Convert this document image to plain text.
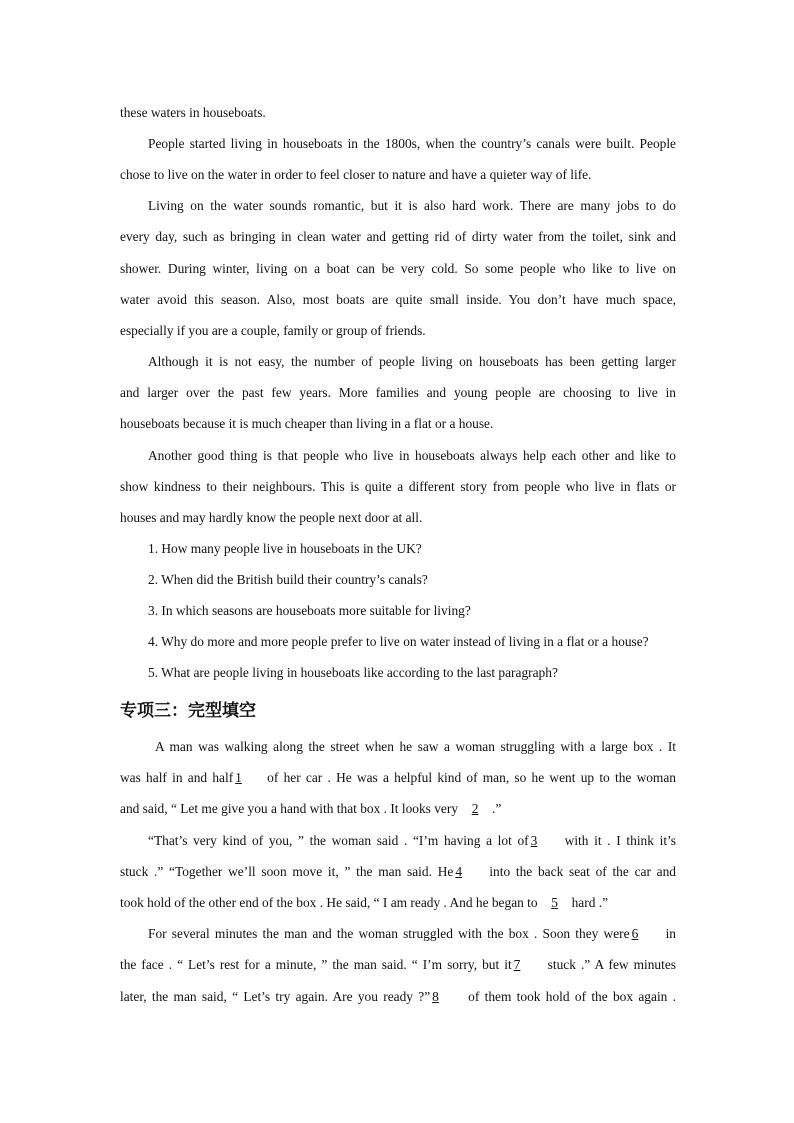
these waters in houseboats.
People started living in houseboats in the 1800s, when the country’s canals were built. People
chose to live on the water in order to feel closer to nature and have a quieter way of life.
Living on the water sounds romantic, but it is also hard work. There are many jobs to do
every day, such as bringing in clean water and getting rid of dirty water from the toilet, sink and
shower. During winter, living on a boat can be very cold. So some people who like to live on
water avoid this season. Also, most boats are quite small inside. You don’t have much space,
especially if you are a couple, family or group of friends.
Although it is not easy, the number of people living on houseboats has been getting larger
and larger over the past few years. More families and young people are choosing to live in
houseboats because it is much cheaper than living in a flat or a house.
Another good thing is that people who live in houseboats always help each other and like to
show kindness to their neighbours. This is quite a different story from people who live in flats or
houses and may hardly know the people next door at all.
1. How many people live in houseboats in the UK?
2. When did the British build their country’s canals?
3. In which seasons are houseboats more suitable for living?
4. Why do more and more people prefer to live on water instead of living in a flat or a house?
5. What are people living in houseboats like according to the last paragraph?
专项三：完型填空
A man was walking along the street when he saw a woman struggling with a large box . It
was half in and half 1 of her car . He was a helpful kind of man, so he went up to the woman
and said, “ Let me give you a hand with that box . It looks very 2 .”
“That’s very kind of you, ” the woman said . “I’m having a lot of 3 with it . I think it’s
stuck .” “Together we’ll soon move it, ” the man said. He 4 into the back seat of the car and
took hold of the other end of the box . He said, “ I am ready . And he began to 5 hard .”
For several minutes the man and the woman struggled with the box . Soon they were 6 in
the face . “ Let’s rest for a minute, ” the man said. “ I’m sorry, but it 7 stuck .” A few minutes
later, the man said, “ Let’s try again. Are you ready ?” 8 of them took hold of the box again .
